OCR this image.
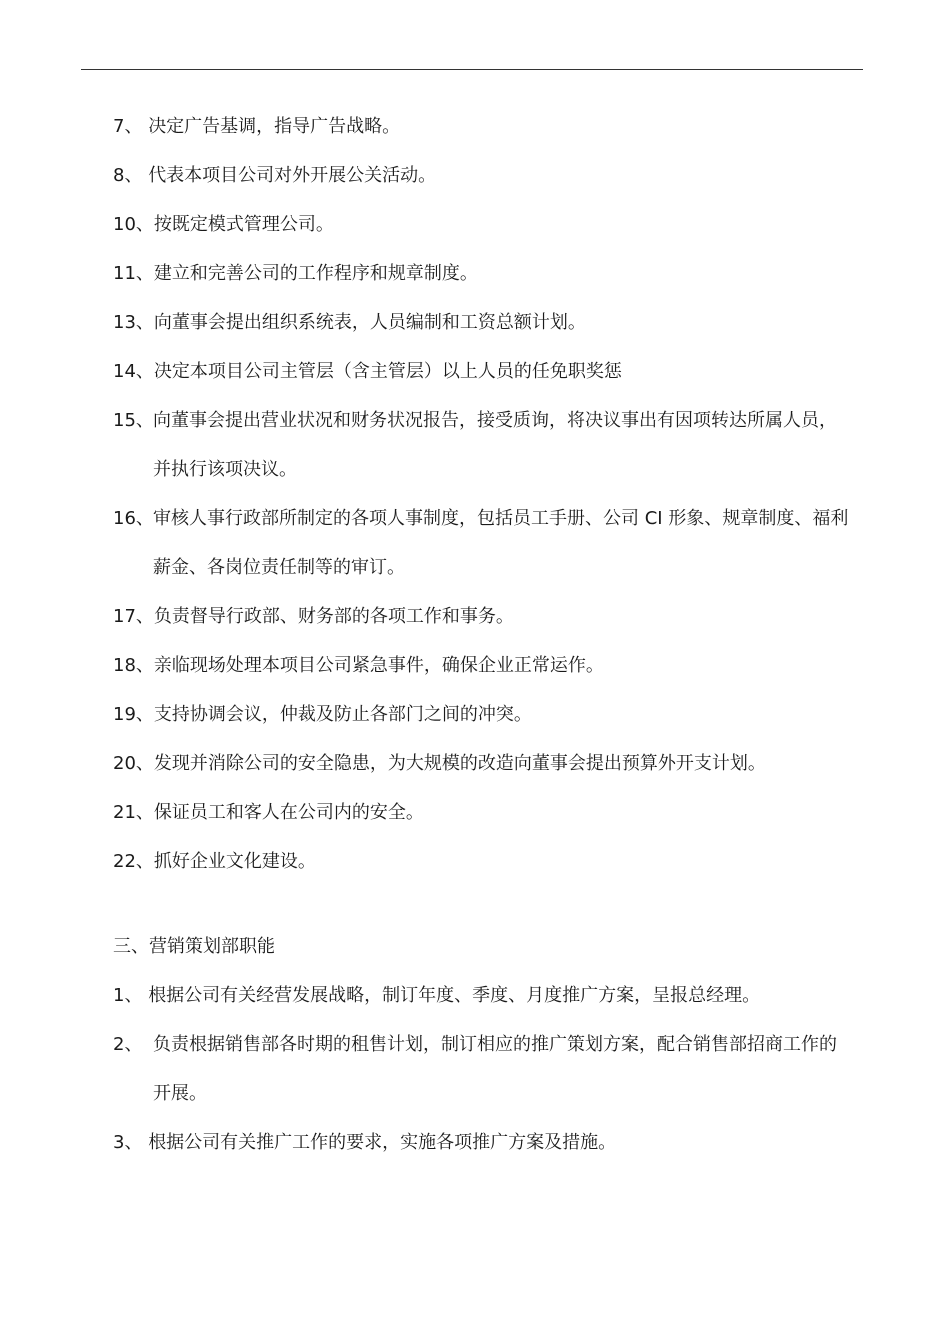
7、 决定广告基调，指导广告战略。
8、 代表本项目公司对外开展公关活动。
10、 按既定模式管理公司。
11、 建立和完善公司的工作程序和规章制度。
13、 向董事会提出组织系统表，人员编制和工资总额计划。
14、 决定本项目公司主管层（含主管层）以上人员的任免职奖惩
15、 向董事会提出营业状况和财务状况报告，接受质询，将决议事出有因项转达所属人员，并执行该项决议。
16、 审核人事行政部所制定的各项人事制度，包括员工手册、公司 CI 形象、规章制度、福利薪金、各岗位责任制等的审订。
17、 负责督导行政部、财务部的各项工作和事务。
18、 亲临现场处理本项目公司紧急事件，确保企业正常运作。
19、 支持协调会议，仲裁及防止各部门之间的冲突。
20、 发现并消除公司的安全隐患，为大规模的改造向董事会提出预算外开支计划。
21、 保证员工和客人在公司内的安全。
22、 抓好企业文化建设。
三、营销策划部职能
1、 根据公司有关经营发展战略，制订年度、季度、月度推广方案，呈报总经理。
2、 负责根据销售部各时期的租售计划，制订相应的推广策划方案，配合销售部招商工作的开展。
3、 根据公司有关推广工作的要求，实施各项推广方案及措施。
